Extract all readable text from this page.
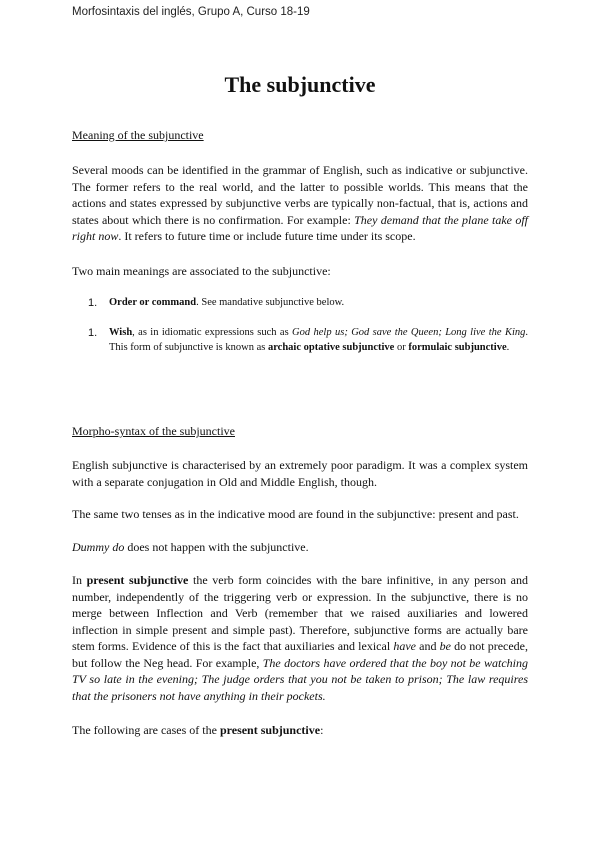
Morfosintaxis del inglés, Grupo A, Curso 18-19
The subjunctive
Meaning of the subjunctive

Several moods can be identified in the grammar of English, such as indicative or subjunctive. The former refers to the real world, and the latter to possible worlds. This means that the actions and states expressed by subjunctive verbs are typically non-factual, that is, actions and states about which there is no confirmation. For example: They demand that the plane take off right now. It refers to future time or include future time under its scope.

Two main meanings are associated to the subjunctive:

1. Order or command. See mandative subjunctive below.
1. Wish, as in idiomatic expressions such as God help us; God save the Queen; Long live the King. This form of subjunctive is known as archaic optative subjunctive or formulaic subjunctive.
Morpho-syntax of the subjunctive

English subjunctive is characterised by an extremely poor paradigm. It was a complex system with a separate conjugation in Old and Middle English, though.

The same two tenses as in the indicative mood are found in the subjunctive: present and past.

Dummy do does not happen with the subjunctive.

In present subjunctive the verb form coincides with the bare infinitive, in any person and number, independently of the triggering verb or expression. In the subjunctive, there is no merge between Inflection and Verb (remember that we raised auxiliaries and lowered inflection in simple present and simple past). Therefore, subjunctive forms are actually bare stem forms. Evidence of this is the fact that auxiliaries and lexical have and be do not precede, but follow the Neg head. For example, The doctors have ordered that the boy not be watching TV so late in the evening; The judge orders that you not be taken to prison; The law requires that the prisoners not have anything in their pockets.

The following are cases of the present subjunctive:
